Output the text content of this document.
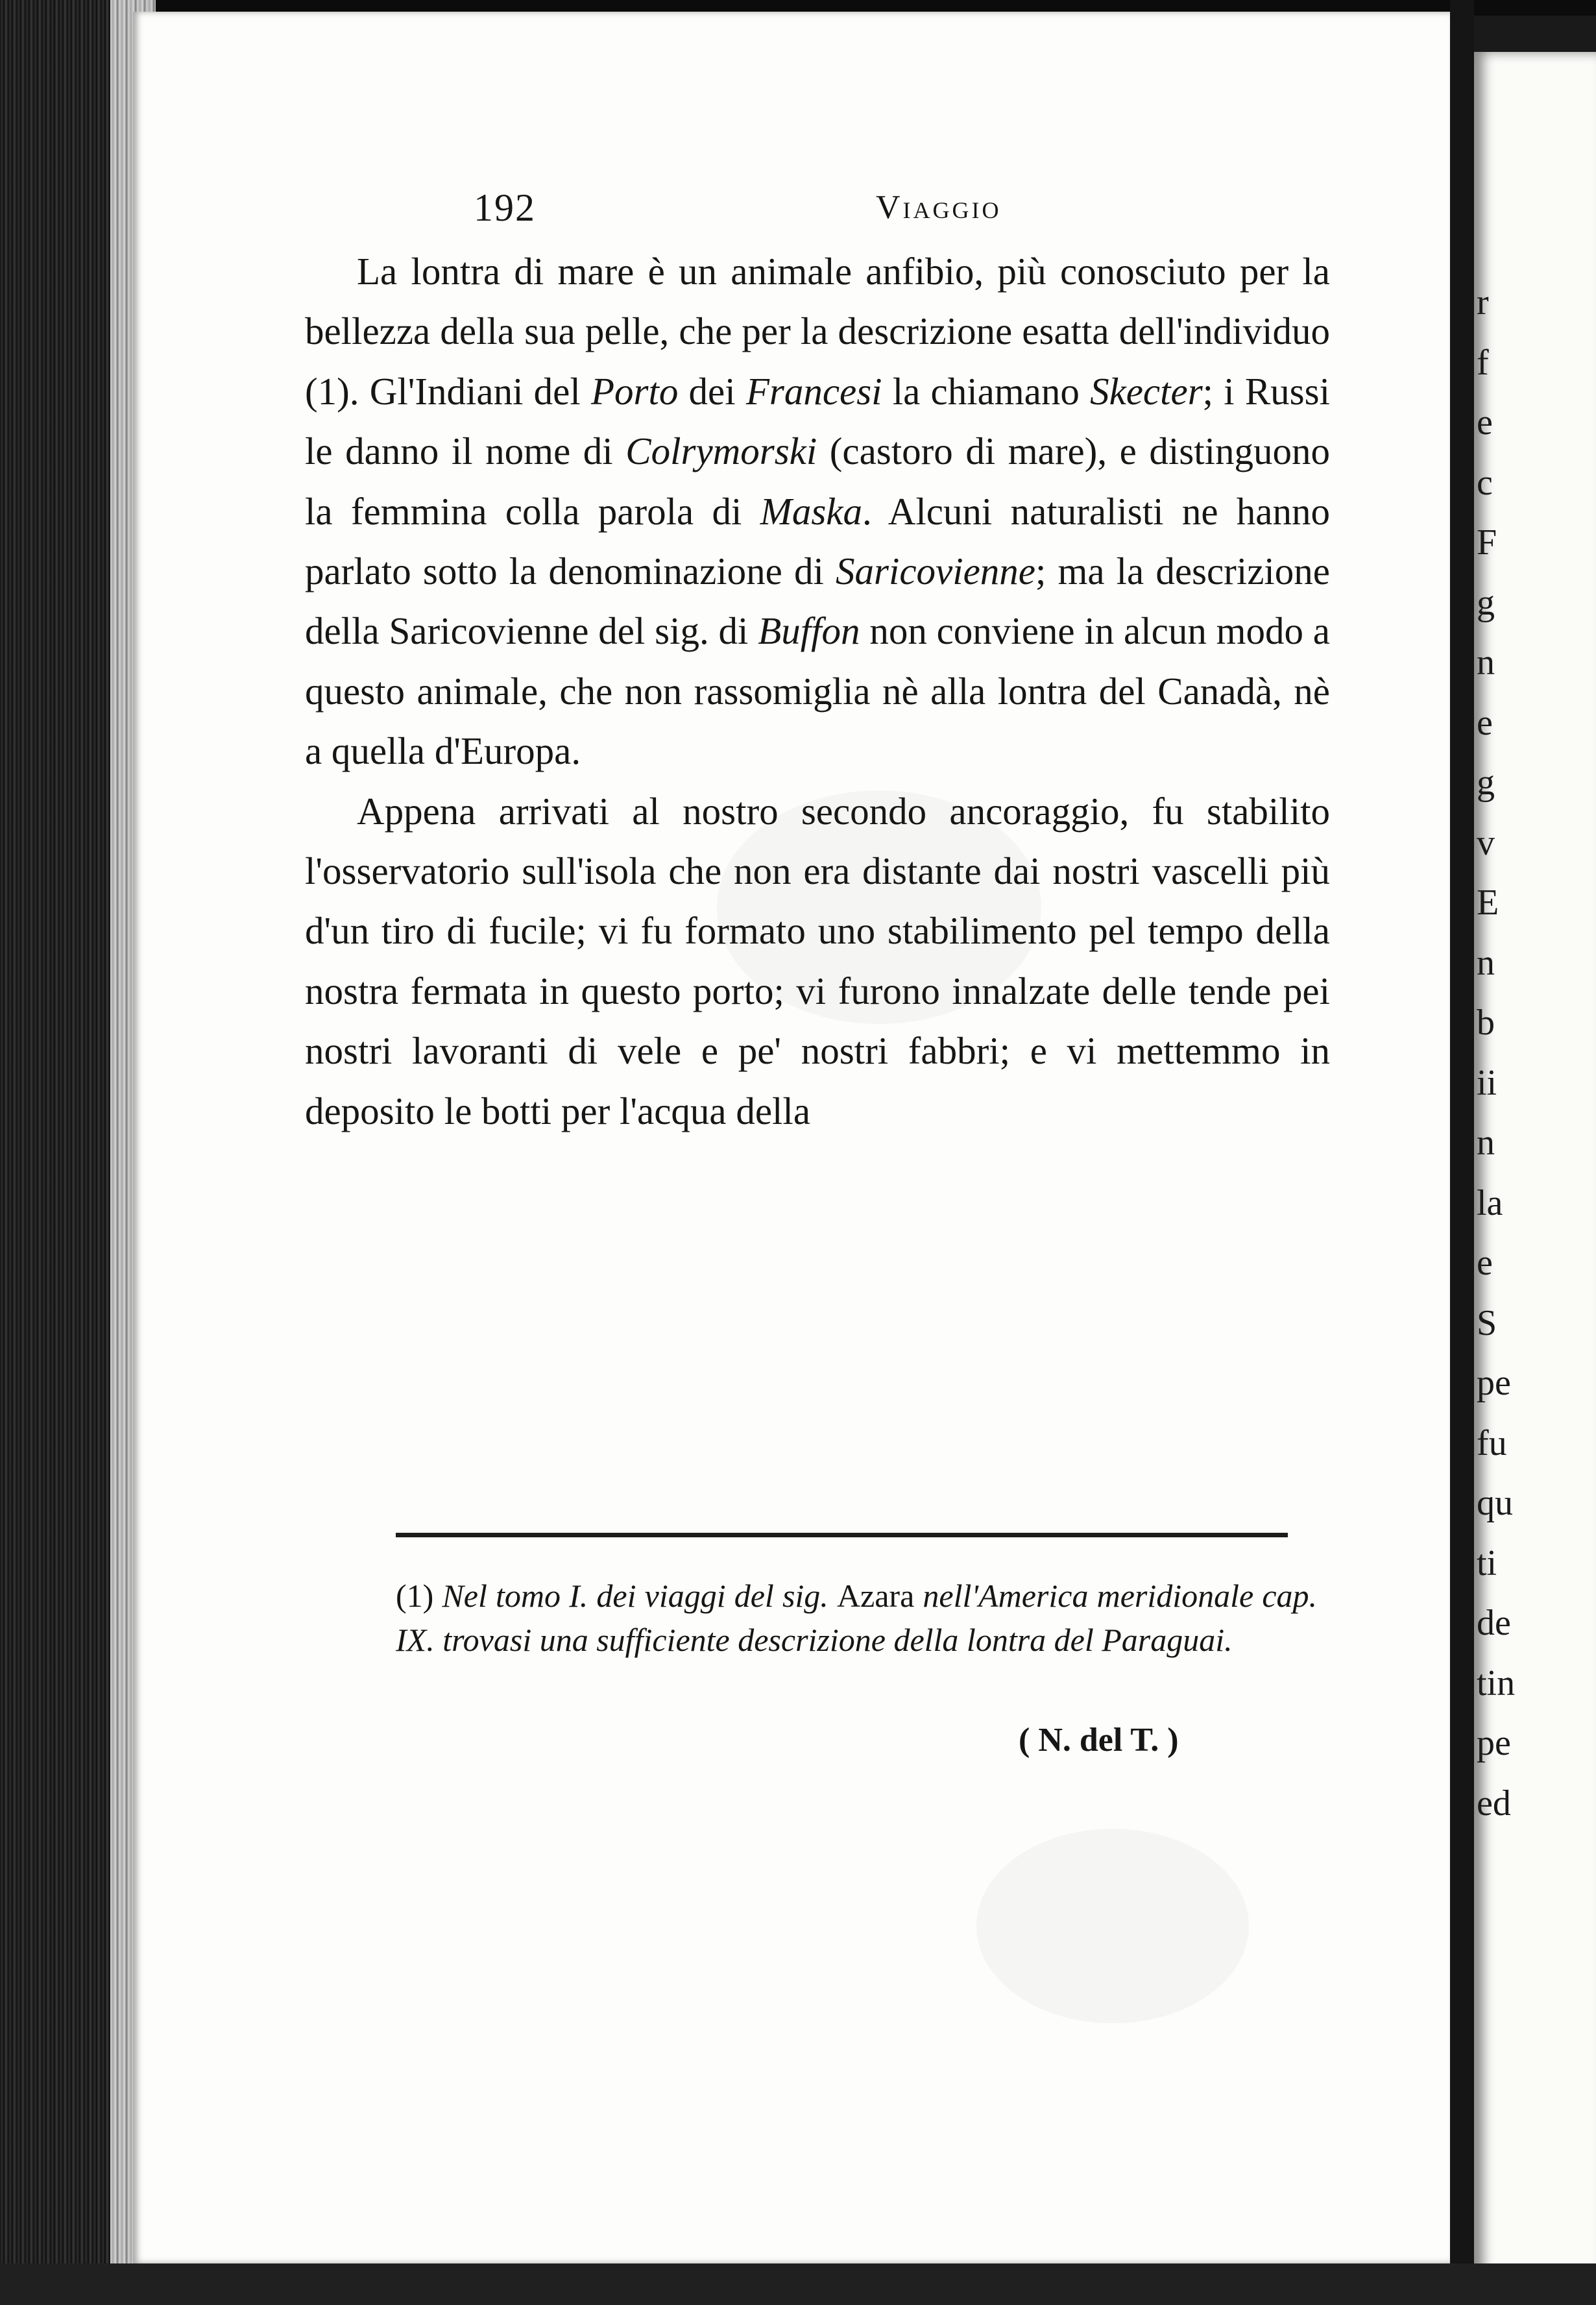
192	Viaggio

La lontra di mare è un animale anfibio, più conosciuto per la bellezza della sua pelle, che per la descrizione esatta dell'individuo (1). Gl'Indiani del Porto dei Francesi la chiamano Skecter; i Russi le danno il nome di Colrymorski (castoro di mare), e distinguono la femmina colla parola di Maska. Alcuni naturalisti ne hanno parlato sotto la denominazione di Saricovienne; ma la descrizione della Saricovienne del sig. di Buffon non conviene in alcun modo a questo animale, che non rassomiglia nè alla lontra del Canadà, nè a quella d'Europa.

Appena arrivati al nostro secondo ancoraggio, fu stabilito l'osservatorio sull'isola che non era distante dai nostri vascelli più d'un tiro di fucile; vi fu formato uno stabilimento pel tempo della nostra fermata in questo porto; vi furono innalzate delle tende pei nostri lavoranti di vele e pe' nostri fabbri; e vi mettemmo in deposito le botti per l'acqua della

(1) Nel tomo I. dei viaggi del sig. Azara nell'America meridionale cap. IX. trovasi una sufficiente descrizione della lontra del Paraguai.
( N. del T. )
r
f
e
c
F
g
n
e
g
v
E
n
b
ii
n
la
e
S
pe
fu
qu
ti
de
tin
pe
ed
